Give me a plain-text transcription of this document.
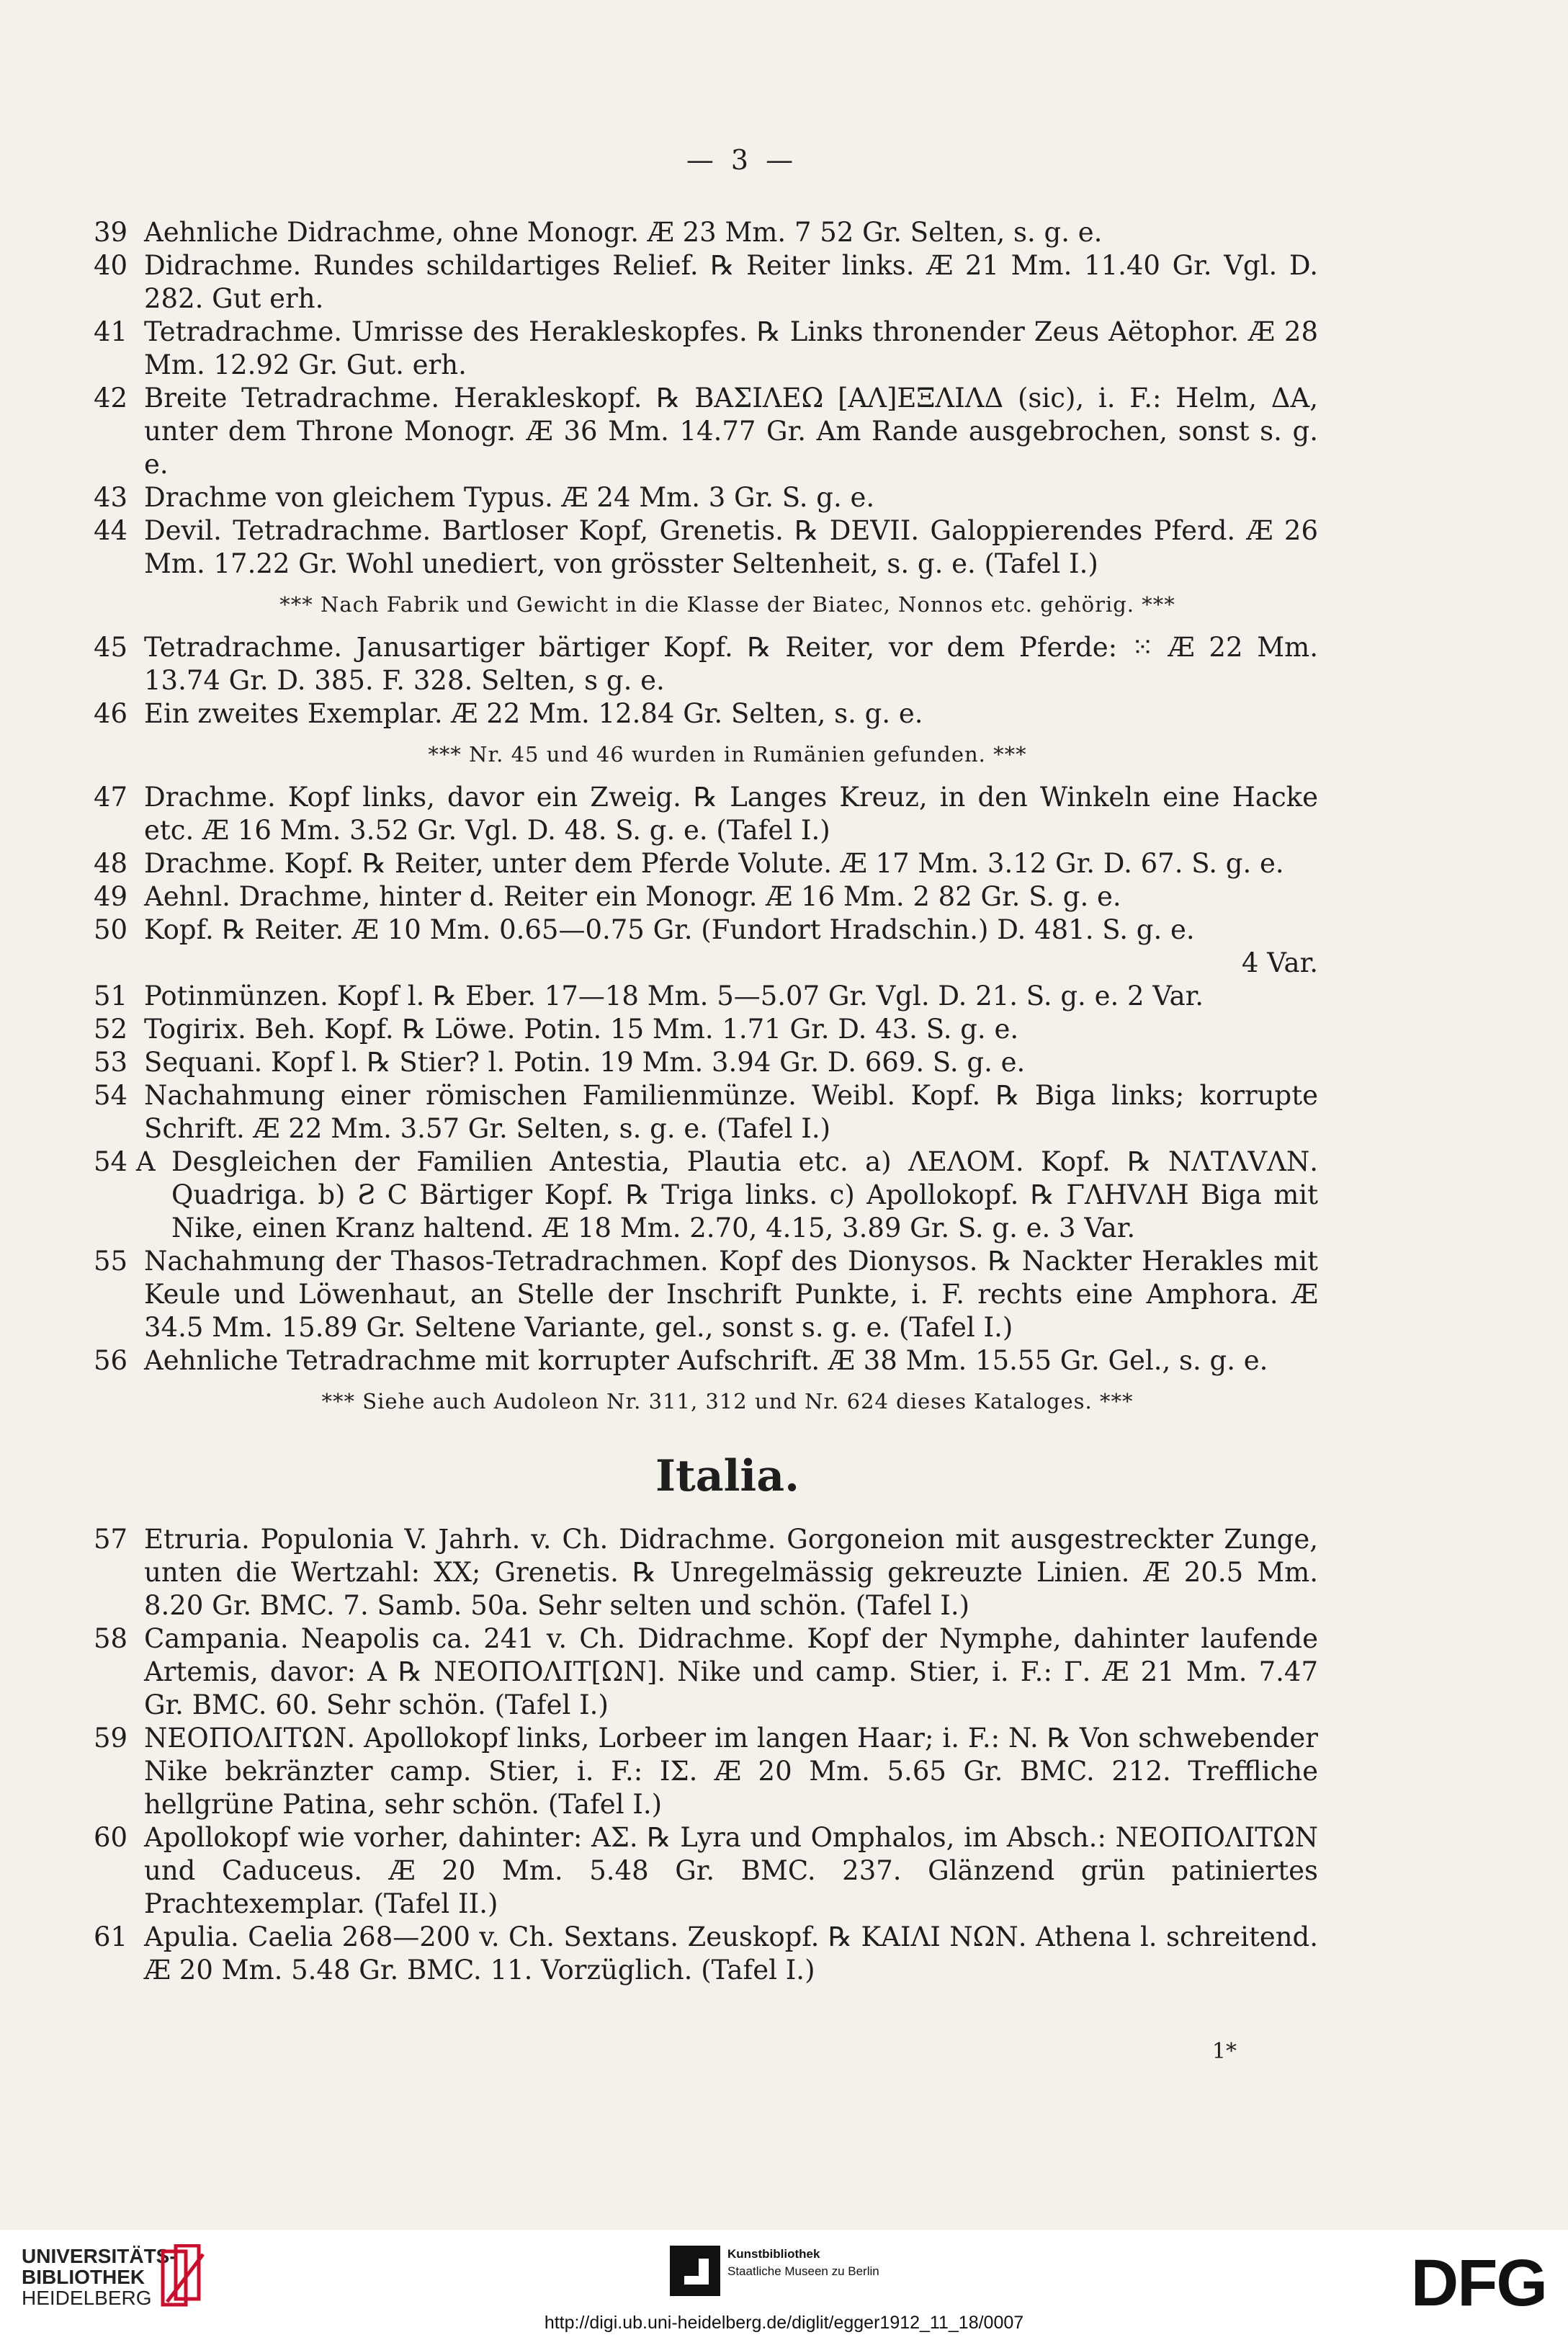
— 3 —
39 Aehnliche Didrachme, ohne Monogr. Æ 23 Mm. 7 52 Gr. Selten, s. g. e.
40 Didrachme. Rundes schildartiges Relief. ℞ Reiter links. Æ 21 Mm. 11.40 Gr. Vgl. D. 282. Gut erh.
41 Tetradrachme. Umrisse des Herakleskopfes. ℞ Links thronender Zeus Aëtophor. Æ 28 Mm. 12.92 Gr. Gut. erh.
42 Breite Tetradrachme. Herakleskopf. ℞ ΒΑΣΙΛΕΩ [ΑΛ]ΕΞΛΙΛΔ (sic), i. F.: Helm, ΔΑ, unter dem Throne Monogr. Æ 36 Mm. 14.77 Gr. Am Rande ausgebrochen, sonst s. g. e.
43 Drachme von gleichem Typus. Æ 24 Mm. 3 Gr. S. g. e.
44 Devil. Tetradrachme. Bartloser Kopf, Grenetis. ℞ DEVII. Galoppierendes Pferd. Æ 26 Mm. 17.22 Gr. Wohl unediert, von grösster Seltenheit, s. g. e. (Tafel I.)
*** Nach Fabrik und Gewicht in die Klasse der Biatec, Nonnos etc. gehörig. ***
45 Tetradrachme. Janusartiger bärtiger Kopf. ℞ Reiter, vor dem Pferde: ⁙ Æ 22 Mm. 13.74 Gr. D. 385. F. 328. Selten, s g. e.
46 Ein zweites Exemplar. Æ 22 Mm. 12.84 Gr. Selten, s. g. e.
*** Nr. 45 und 46 wurden in Rumänien gefunden. ***
47 Drachme. Kopf links, davor ein Zweig. ℞ Langes Kreuz, in den Winkeln eine Hacke etc. Æ 16 Mm. 3.52 Gr. Vgl. D. 48. S. g. e. (Tafel I.)
48 Drachme. Kopf. ℞ Reiter, unter dem Pferde Volute. Æ 17 Mm. 3.12 Gr. D. 67. S. g. e.
49 Aehnl. Drachme, hinter d. Reiter ein Monogr. Æ 16 Mm. 2 82 Gr. S. g. e.
50 Kopf. ℞ Reiter. Æ 10 Mm. 0.65—0.75 Gr. (Fundort Hradschin.) D. 481. S. g. e.
4 Var.
51 Potinmünzen. Kopf l. ℞ Eber. 17—18 Mm. 5—5.07 Gr. Vgl. D. 21. S. g. e. 2 Var.
52 Togirix. Beh. Kopf. ℞ Löwe. Potin. 15 Mm. 1.71 Gr. D. 43. S. g. e.
53 Sequani. Kopf l. ℞ Stier? l. Potin. 19 Mm. 3.94 Gr. D. 669. S. g. e.
54 Nachahmung einer römischen Familienmünze. Weibl. Kopf. ℞ Biga links; korrupte Schrift. Æ 22 Mm. 3.57 Gr. Selten, s. g. e. (Tafel I.)
54 A Desgleichen der Familien Antestia, Plautia etc. a) ΛΕΛΟΜ. Kopf. ℞ ΝΛΤΛVΛΝ. Quadriga. b) Ƨ C Bärtiger Kopf. ℞ Triga links. c) Apollokopf. ℞ ΓΛΗVΛΗ Biga mit Nike, einen Kranz haltend. Æ 18 Mm. 2.70, 4.15, 3.89 Gr. S. g. e. 3 Var.
55 Nachahmung der Thasos-Tetradrachmen. Kopf des Dionysos. ℞ Nackter Herakles mit Keule und Löwenhaut, an Stelle der Inschrift Punkte, i. F. rechts eine Amphora. Æ 34.5 Mm. 15.89 Gr. Seltene Variante, gel., sonst s. g. e. (Tafel I.)
56 Aehnliche Tetradrachme mit korrupter Aufschrift. Æ 38 Mm. 15.55 Gr. Gel., s. g. e.
*** Siehe auch Audoleon Nr. 311, 312 und Nr. 624 dieses Kataloges. ***
Italia.
57 Etruria. Populonia V. Jahrh. v. Ch. Didrachme. Gorgoneion mit ausgestreckter Zunge, unten die Wertzahl: XX; Grenetis. ℞ Unregelmässig gekreuzte Linien. Æ 20.5 Mm. 8.20 Gr. BMC. 7. Samb. 50a. Sehr selten und schön. (Tafel I.)
58 Campania. Neapolis ca. 241 v. Ch. Didrachme. Kopf der Nymphe, dahinter laufende Artemis, davor: A ℞ ΝΕΟΠΟΛΙΤ[ΩΝ]. Nike und camp. Stier, i. F.: Γ. Æ 21 Mm. 7.47 Gr. BMC. 60. Sehr schön. (Tafel I.)
59 ΝΕΟΠΟΛΙΤΩΝ. Apollokopf links, Lorbeer im langen Haar; i. F.: N. ℞ Von schwebender Nike bekränzter camp. Stier, i. F.: ΙΣ. Æ 20 Mm. 5.65 Gr. BMC. 212. Treffliche hellgrüne Patina, sehr schön. (Tafel I.)
60 Apollokopf wie vorher, dahinter: ΑΣ. ℞ Lyra und Omphalos, im Absch.: ΝΕΟΠΟΛΙΤΩΝ und Caduceus. Æ 20 Mm. 5.48 Gr. BMC. 237. Glänzend grün patiniertes Prachtexemplar. (Tafel II.)
61 Apulia. Caelia 268—200 v. Ch. Sextans. Zeuskopf. ℞ ΚΑΙΛΙ ΝΩΝ. Athena l. schreitend. Æ 20 Mm. 5.48 Gr. BMC. 11. Vorzüglich. (Tafel I.)
1*
UNIVERSITÄTS-
BIBLIOTHEK
HEIDELBERG
Kunstbibliothek
Staatliche Museen zu Berlin	DFG
http://digi.ub.uni-heidelberg.de/diglit/egger1912_11_18/0007
